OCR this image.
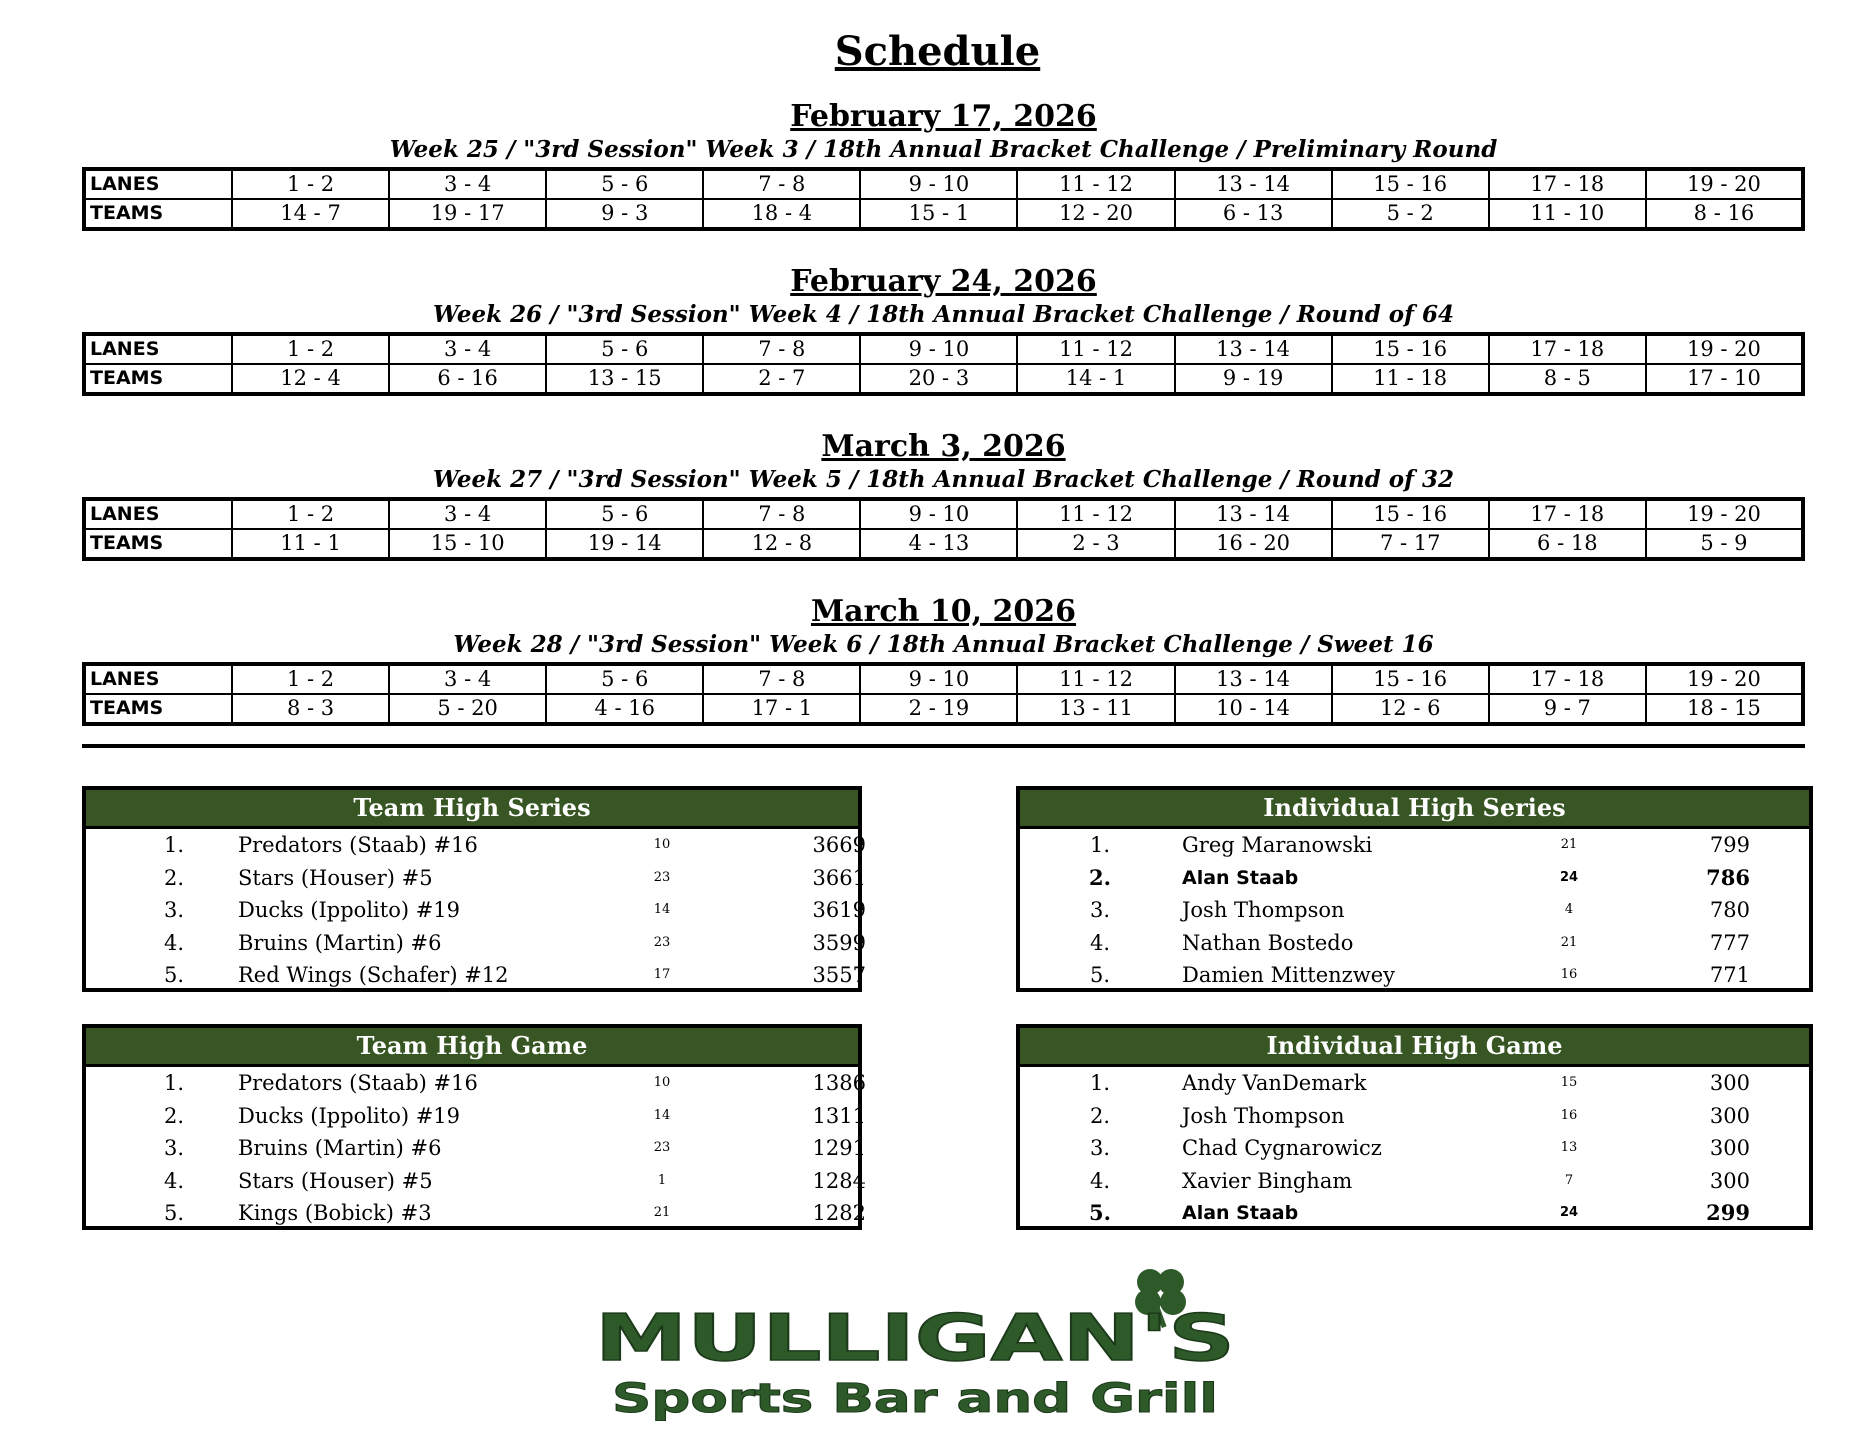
Schedule
February 17, 2026
Week 25 / "3rd Session" Week 3 / 18th Annual Bracket Challenge / Preliminary Round
LANES	1 - 2	3 - 4	5 - 6	7 - 8	9 - 10	11 - 12	13 - 14	15 - 16	17 - 18	19 - 20
TEAMS	14 - 7	19 - 17	9 - 3	18 - 4	15 - 1	12 - 20	6 - 13	5 - 2	11 - 10	8 - 16
February 24, 2026
Week 26 / "3rd Session" Week 4 / 18th Annual Bracket Challenge / Round of 64
LANES	1 - 2	3 - 4	5 - 6	7 - 8	9 - 10	11 - 12	13 - 14	15 - 16	17 - 18	19 - 20
TEAMS	12 - 4	6 - 16	13 - 15	2 - 7	20 - 3	14 - 1	9 - 19	11 - 18	8 - 5	17 - 10
March 3, 2026
Week 27 / "3rd Session" Week 5 / 18th Annual Bracket Challenge / Round of 32
LANES	1 - 2	3 - 4	5 - 6	7 - 8	9 - 10	11 - 12	13 - 14	15 - 16	17 - 18	19 - 20
TEAMS	11 - 1	15 - 10	19 - 14	12 - 8	4 - 13	2 - 3	16 - 20	7 - 17	6 - 18	5 - 9
March 10, 2026
Week 28 / "3rd Session" Week 6 / 18th Annual Bracket Challenge / Sweet 16
LANES	1 - 2	3 - 4	5 - 6	7 - 8	9 - 10	11 - 12	13 - 14	15 - 16	17 - 18	19 - 20
TEAMS	8 - 3	5 - 20	4 - 16	17 - 1	2 - 19	13 - 11	10 - 14	12 - 6	9 - 7	18 - 15
Team High Series
1.	Predators (Staab) #16	10	3669
2.	Stars (Houser) #5	23	3661
3.	Ducks (Ippolito) #19	14	3619
4.	Bruins (Martin) #6	23	3599
5.	Red Wings (Schafer) #12	17	3557
Individual High Series
1.	Greg Maranowski	21	799
2.	Alan Staab	24	786
3.	Josh Thompson	4	780
4.	Nathan Bostedo	21	777
5.	Damien Mittenzwey	16	771
Team High Game
1.	Predators (Staab) #16	10	1386
2.	Ducks (Ippolito) #19	14	1311
3.	Bruins (Martin) #6	23	1291
4.	Stars (Houser) #5	1	1284
5.	Kings (Bobick) #3	21	1282
Individual High Game
1.	Andy VanDemark	15	300
2.	Josh Thompson	16	300
3.	Chad Cygnarowicz	13	300
4.	Xavier Bingham	7	300
5.	Alan Staab	24	299
MULLIGAN'S
Sports Bar and Grill
